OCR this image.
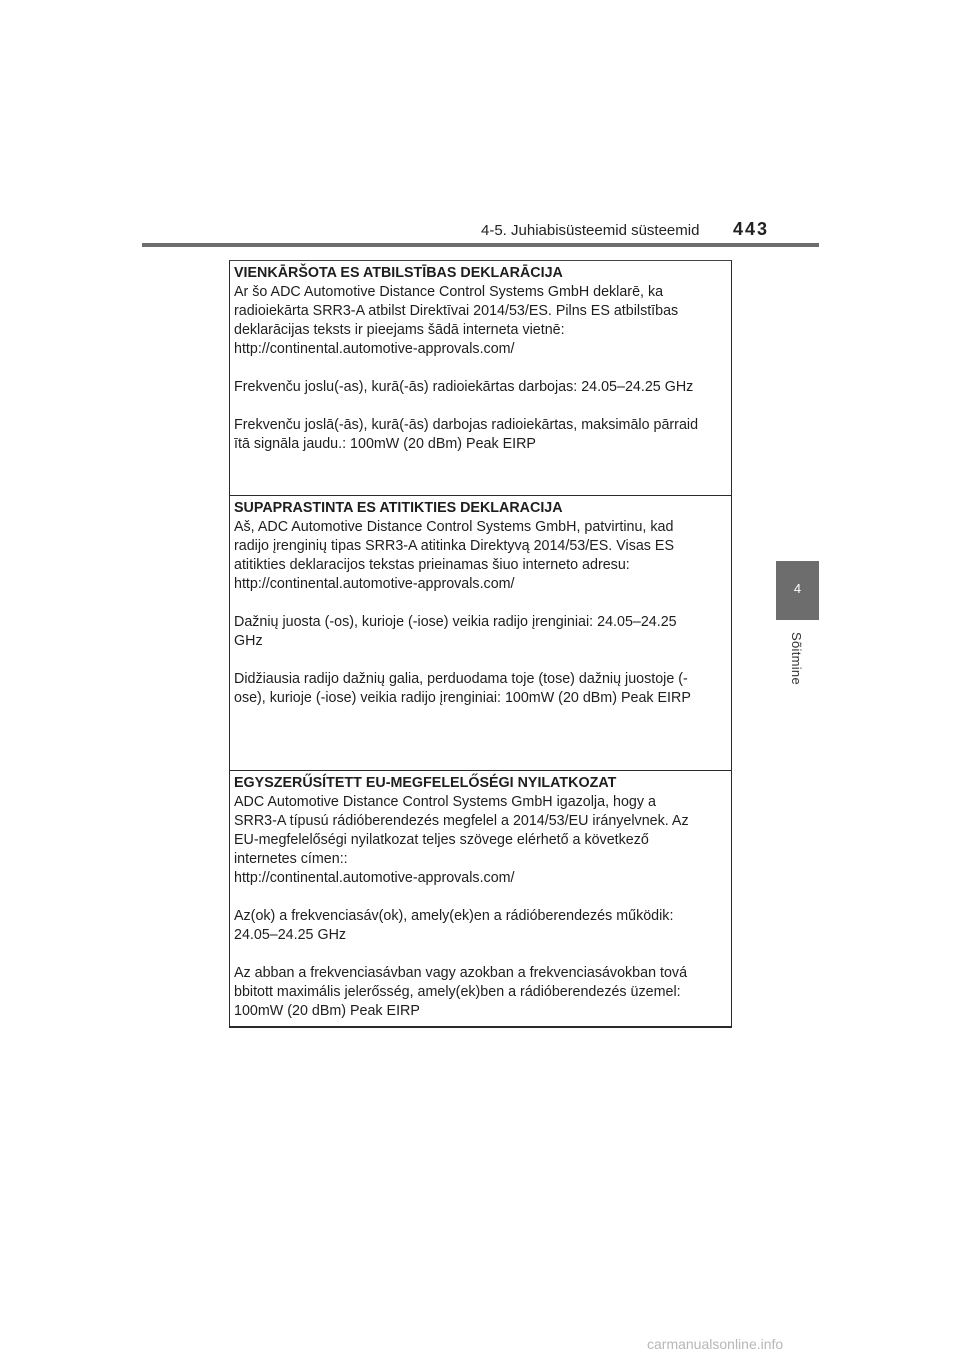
4-5. Juhiabisüsteemid süsteemid 443
4
Sõitmine

VIENKĀRŠOTA ES ATBILSTĪBAS DEKLARĀCIJA

Ar šo ADC Automotive Distance Control Systems GmbH deklarē, ka

radioiekārta SRR3-A atbilst Direktīvai 2014/53/ES. Pilns ES atbilstības

deklarācijas teksts ir pieejams šādā interneta vietnē:

http://continental.automotive-approvals.com/

Frekvenču joslu(-as), kurā(-ās) radioiekārtas darbojas: 24.05–24.25 GHz

Frekvenču joslā(-ās), kurā(-ās) darbojas radioiekārtas, maksimālo pārraid

ītā signāla jaudu.: 100mW (20 dBm) Peak EIRP

SUPAPRASTINTA ES ATITIKTIES DEKLARACIJA

Aš, ADC Automotive Distance Control Systems GmbH, patvirtinu, kad

radijo įrenginių tipas SRR3-A atitinka Direktyvą 2014/53/ES. Visas ES

atitikties deklaracijos tekstas prieinamas šiuo interneto adresu:

http://continental.automotive-approvals.com/

Dažnių juosta (-os), kurioje (-iose) veikia radijo įrenginiai: 24.05–24.25

GHz

Didžiausia radijo dažnių galia, perduodama toje (tose) dažnių juostoje (-

ose), kurioje (-iose) veikia radijo įrenginiai: 100mW (20 dBm) Peak EIRP

EGYSZERŰSÍTETT EU-MEGFELELŐSÉGI NYILATKOZAT

ADC Automotive Distance Control Systems GmbH igazolja, hogy a

SRR3-A típusú rádióberendezés megfelel a 2014/53/EU irányelvnek. Az

EU-megfelelőségi nyilatkozat teljes szövege elérhető a következő

internetes címen::

http://continental.automotive-approvals.com/

Az(ok) a frekvenciasáv(ok), amely(ek)en a rádióberendezés működik:

24.05–24.25 GHz

Az abban a frekvenciasávban vagy azokban a frekvenciasávokban tová

bbitott maximális jelerősség, amely(ek)ben a rádióberendezés üzemel:

100mW (20 dBm) Peak EIRP

carmanualsonline.info
